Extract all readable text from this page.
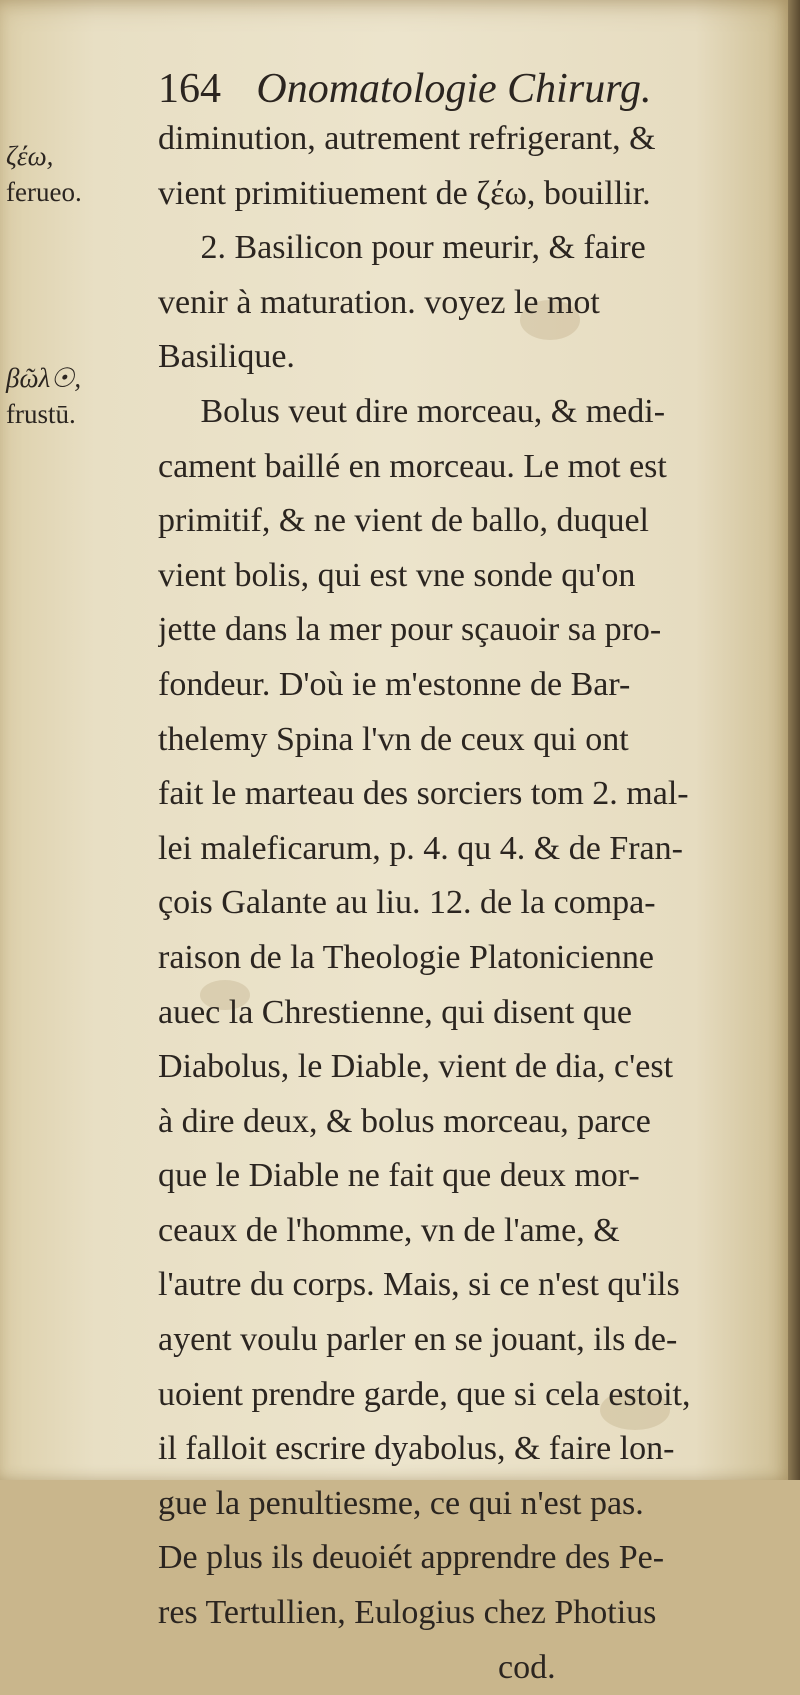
164 Onomatologie Chirurg.
ζέω,
ferueo.
βῶλ☉,
frustū.
diminution, autrement refrigerant, &
vient primitiuement de ζέω, bouillir.
2. Basilicon pour meurir, & faire
venir à maturation. voyez le mot
Basilique.
Bolus veut dire morceau, & medi-
cament baillé en morceau. Le mot est
primitif, & ne vient de ballo, duquel
vient bolis, qui est vne sonde qu'on
jette dans la mer pour sçauoir sa pro-
fondeur. D'où ie m'estonne de Bar-
thelemy Spina l'vn de ceux qui ont
fait le marteau des sorciers tom 2. mal-
lei maleficarum, p. 4. qu 4. & de Fran-
çois Galante au liu. 12. de la compa-
raison de la Theologie Platonicienne
auec la Chrestienne, qui disent que
Diabolus, le Diable, vient de dia, c'est
à dire deux, & bolus morceau, parce
que le Diable ne fait que deux mor-
ceaux de l'homme, vn de l'ame, &
l'autre du corps. Mais, si ce n'est qu'ils
ayent voulu parler en se jouant, ils de-
uoient prendre garde, que si cela estoit,
il falloit escrire dyabolus, & faire lon-
gue la penultiesme, ce qui n'est pas.
De plus ils deuoiét apprendre des Pe-
res Tertullien, Eulogius chez Photius
cod.
